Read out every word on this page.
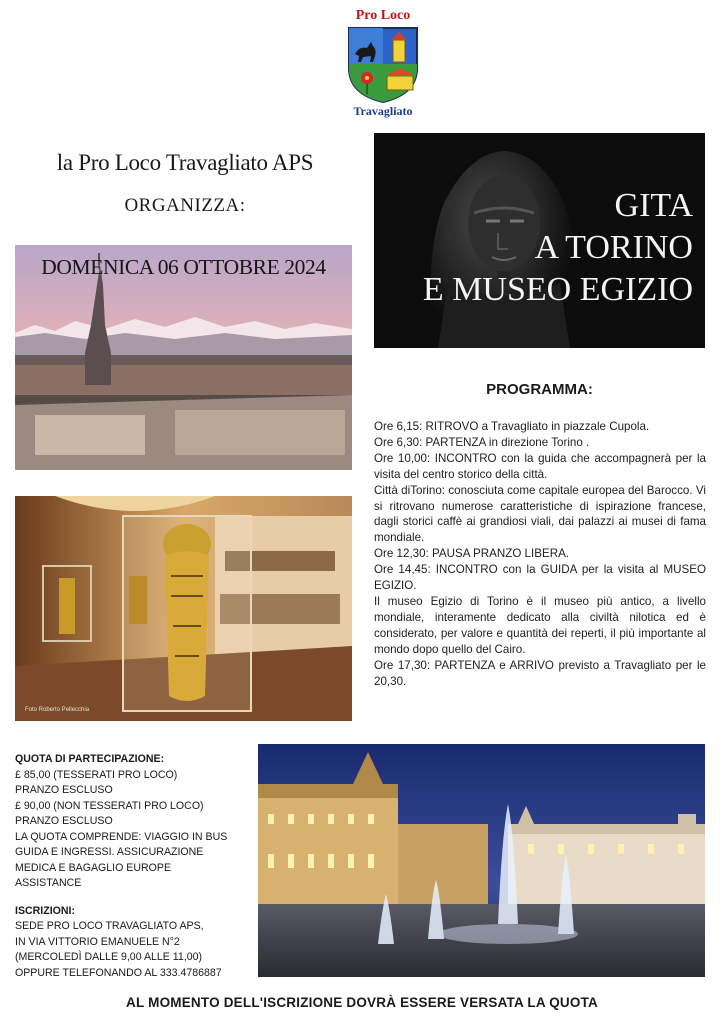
Pro Loco
Travagliato
la Pro Loco Travagliato APS
ORGANIZZA:	GITA
A TORINO
E MUSEO EGIZIO
DOMENICA 06 OTTOBRE 2024
Foto Roberto Pellecchia
PROGRAMMA:
Ore 6,15: RITROVO a Travagliato in piazzale Cupola.
Ore 6,30: PARTENZA in direzione Torino .
Ore 10,00: INCONTRO con la guida che accompagnerà per la visita del centro storico della città.
Città diTorino: conosciuta come capitale europea del Barocco. Vi si ritrovano numerose caratteristiche di ispirazione francese, dagli storici caffè ai grandiosi viali, dai palazzi ai musei di fama mondiale.
Ore 12,30: PAUSA PRANZO LIBERA.
Ore 14,45: INCONTRO con la GUIDA per la visita al MUSEO EGIZIO.
Il museo Egizio di Torino è il museo più antico, a livello mondiale, interamente dedicato alla civiltà nilotica ed è considerato, per valore e quantità dei reperti, il più importante al mondo dopo quello del Cairo.
Ore 17,30: PARTENZA e ARRIVO previsto a Travagliato per le 20,30.
QUOTA DI PARTECIPAZIONE:
£ 85,00 (TESSERATI PRO LOCO)
PRANZO ESCLUSO
£ 90,00 (NON TESSERATI PRO LOCO)
PRANZO ESCLUSO
LA QUOTA COMPRENDE: VIAGGIO IN BUS
GUIDA E INGRESSI. ASSICURAZIONE
MEDICA E BAGAGLIO EUROPE
ASSISTANCE
ISCRIZIONI:
SEDE PRO LOCO TRAVAGLIATO APS,
IN VIA VITTORIO EMANUELE N°2
(MERCOLEDÌ DALLE 9,00 ALLE 11,00)
OPPURE TELEFONANDO AL 333.4786887
AL MOMENTO DELL'ISCRIZIONE DOVRÀ ESSERE VERSATA LA QUOTA
